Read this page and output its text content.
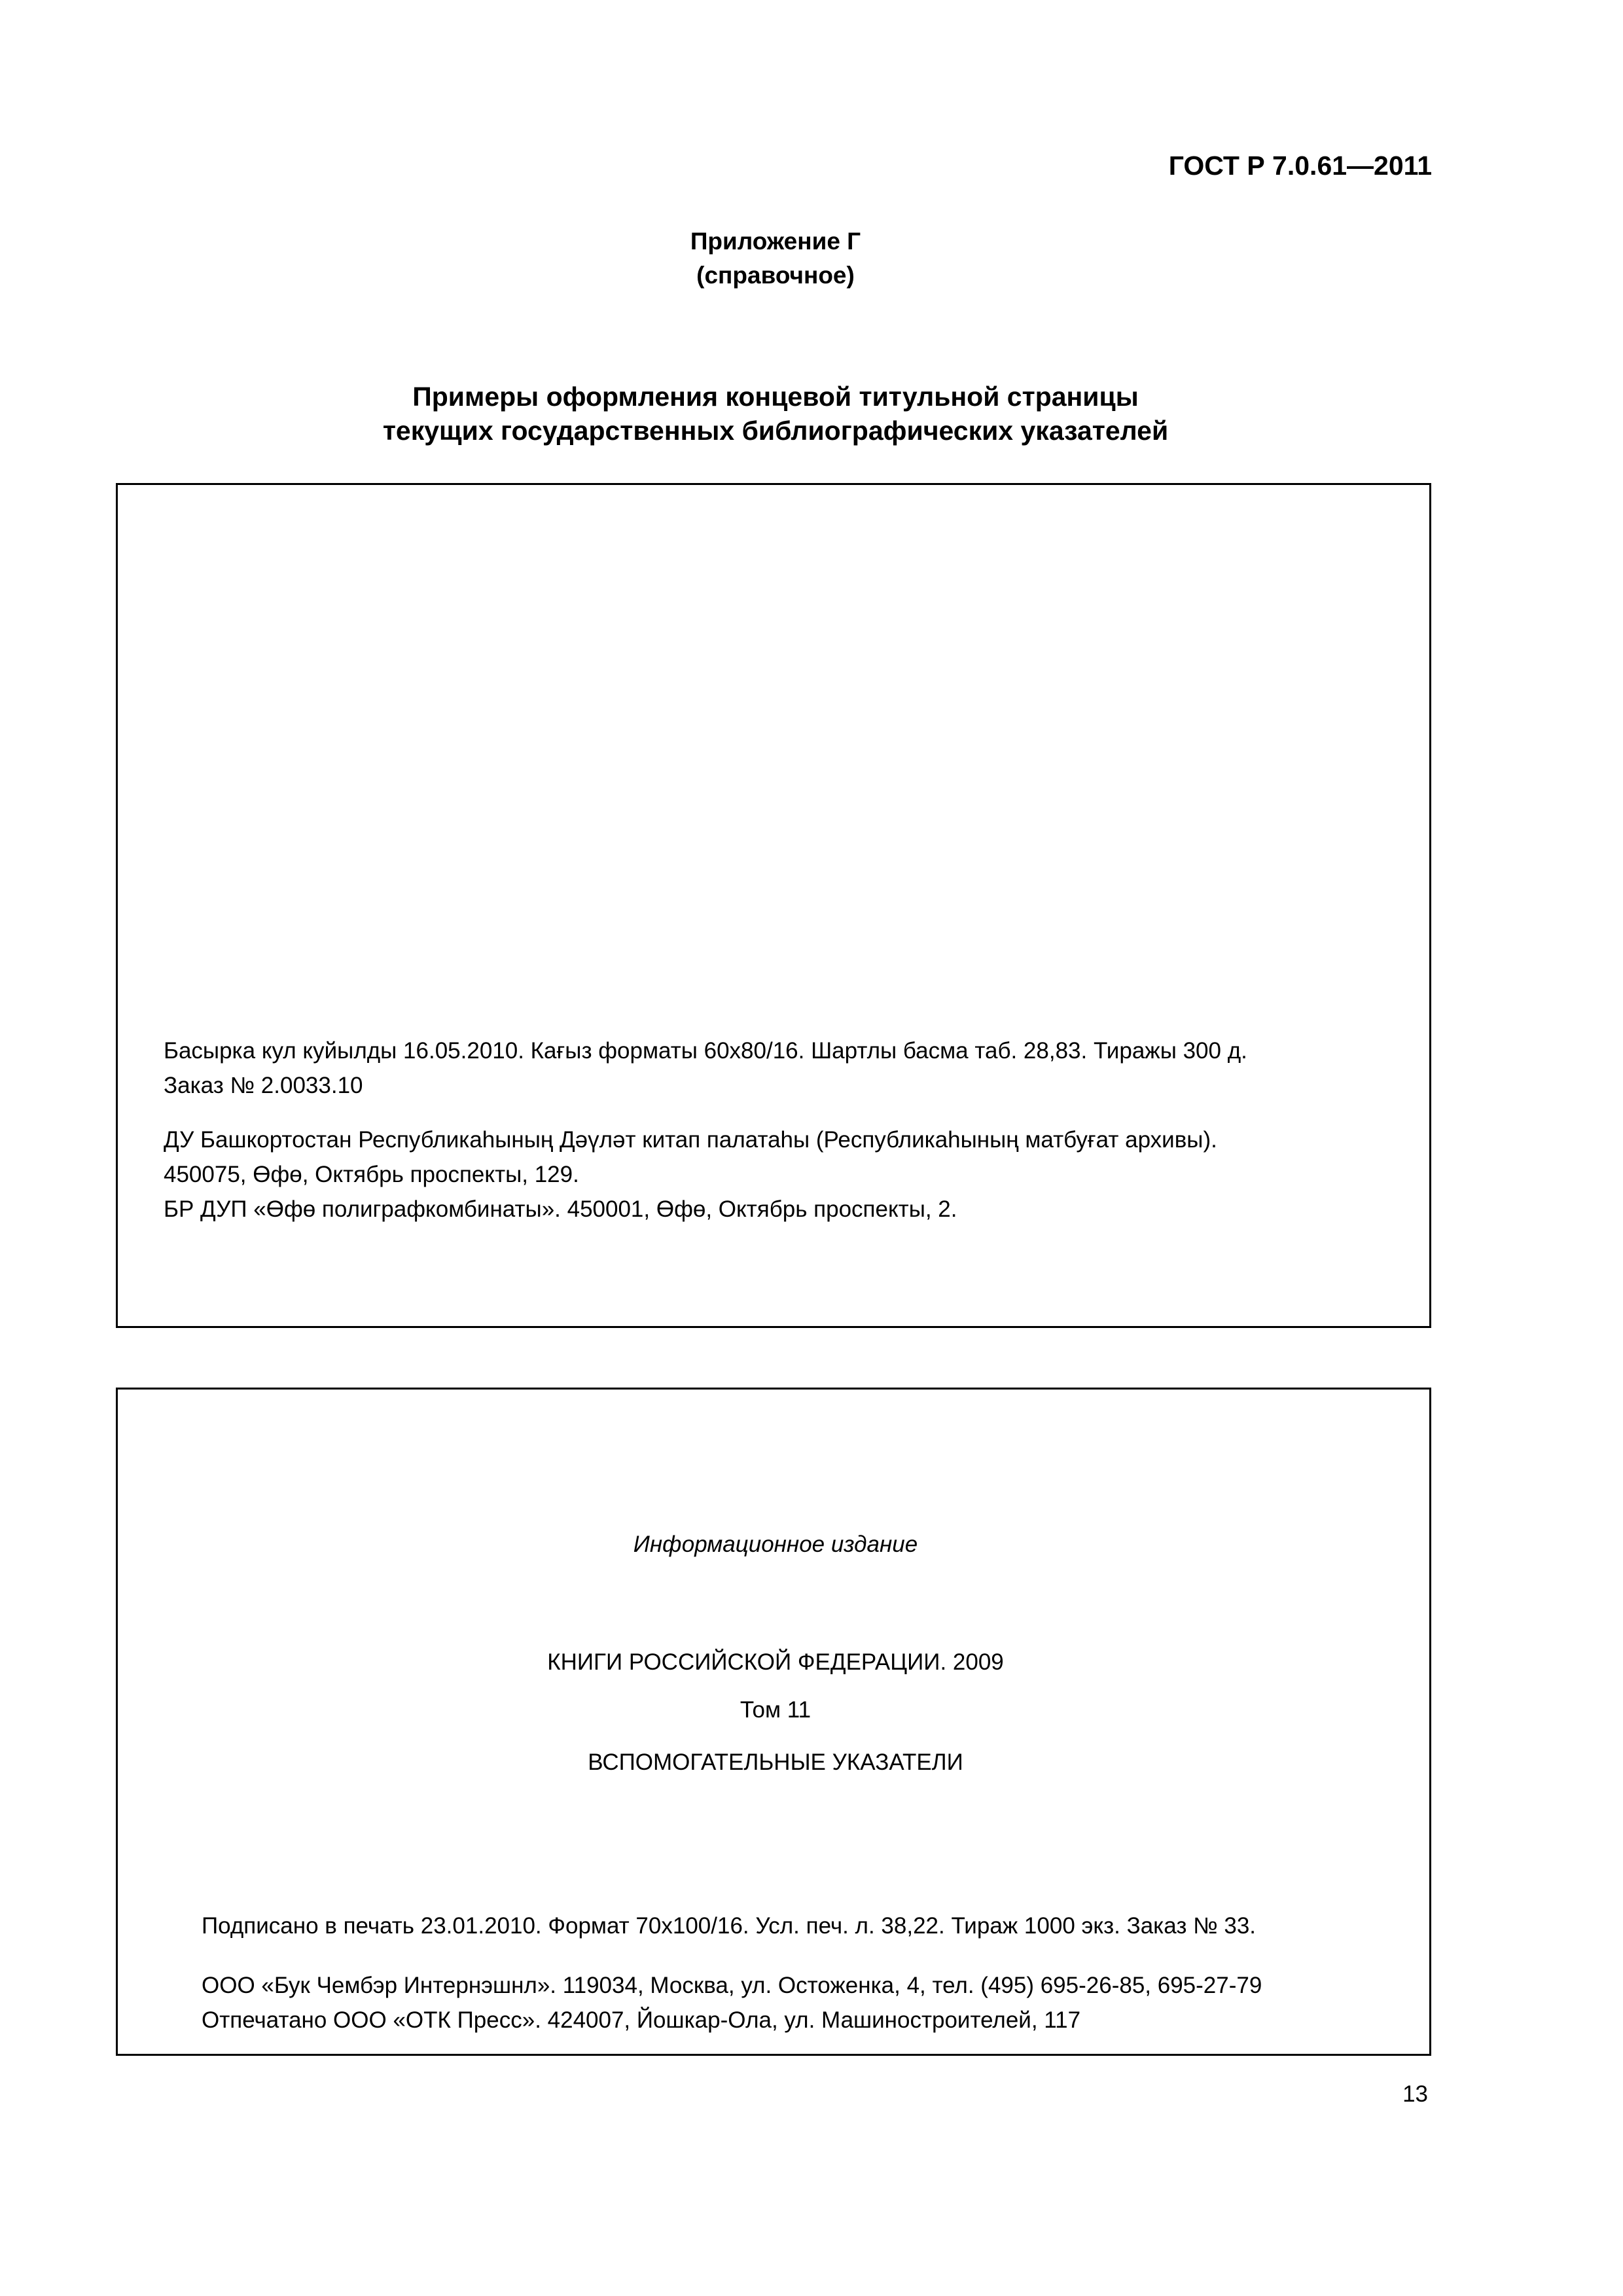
ГОСТ Р 7.0.61—2011
Приложение Г
(справочное)
Примеры оформления концевой титульной страницы
текущих государственных библиографических указателей
Басырка кул куйылды 16.05.2010. Кағыз форматы 60х80/16. Шартлы басма таб. 28,83. Тиражы 300 д.
Заказ № 2.0033.10
ДУ Башкортостан Республикаһының Дәүләт китап палатаһы (Республикаһының матбуғат архивы).
450075, Өфө, Октябрь проспекты, 129.
БР ДУП «Өфө полиграфкомбинаты». 450001, Өфө, Октябрь проспекты, 2.
Информационное издание
КНИГИ РОССИЙСКОЙ ФЕДЕРАЦИИ. 2009
Том 11
ВСПОМОГАТЕЛЬНЫЕ УКАЗАТЕЛИ
Подписано в печать 23.01.2010. Формат 70х100/16. Усл. печ. л. 38,22. Тираж 1000 экз. Заказ № 33.
ООО «Бук Чембэр Интернэшнл». 119034, Москва, ул. Остоженка, 4, тел. (495) 695-26-85, 695-27-79
Отпечатано ООО «ОТК Пресс». 424007, Йошкар-Ола, ул. Машиностроителей, 117
13
